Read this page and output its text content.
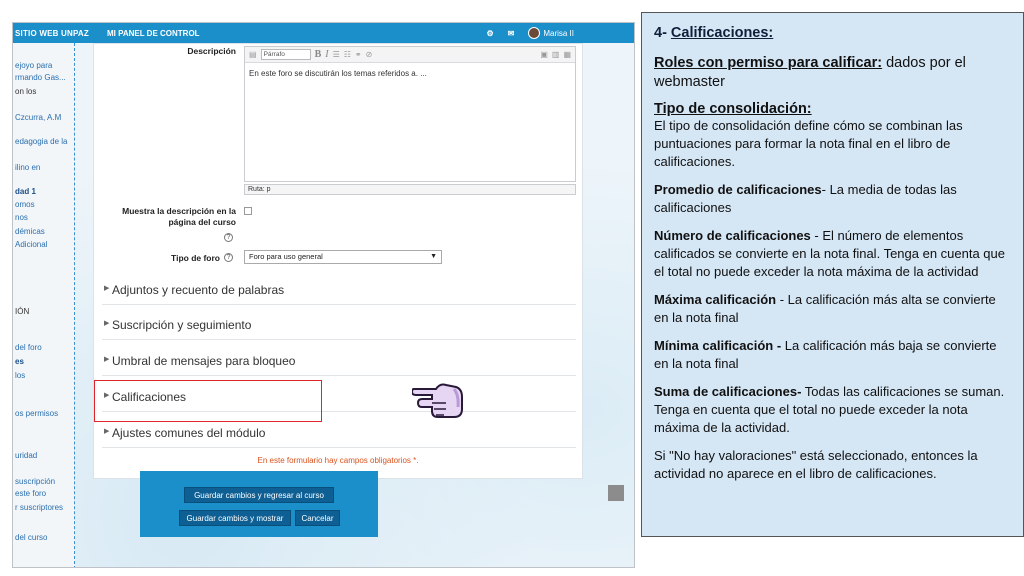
SITIO WEB UNPAZ MI PANEL DE CONTROL	⚙ ✉	Marisa II
ejoyo para
rmando Gas...
on los
Czcurra, A.M
edagogia de la
ilino en
dad 1
omos
nos
démicas
Adicional
IÓN
del foro
es
los
os permisos
uridad
suscripción
este foro
r suscriptores
del curso
Descripción ▤	Párrafo	B I ☰ ☷ ⚭ ⊘	▣ ▥ ▦
En este foro se discutirán los temas referidos a. ...
Ruta: p
Muestra la descripción en la página del curso
?
Tipo de foro ?	Foro para uso general	▼
▶ Adjuntos y recuento de palabras
▶ Suscripción y seguimiento
▶ Umbral de mensajes para bloqueo
▶ Calificaciones
▶ Ajustes comunes del módulo
En este formulario hay campos obligatorios *.
Guardar cambios y regresar al curso
Guardar cambios y mostrar	Cancelar
4- Calificaciones:
Roles con permiso para calificar: dados por el webmaster
Tipo de consolidación:
El tipo de consolidación define cómo se combinan las puntuaciones para formar la nota final en el libro de calificaciones.
Promedio de calificaciones- La media de todas las calificaciones
Número de calificaciones - El número de elementos calificados se convierte en la nota final. Tenga en cuenta que el total no puede exceder la nota máxima de la actividad
Máxima calificación - La calificación más alta se convierte en la nota final
Mínima calificación - La calificación más baja se convierte en la nota final
Suma de calificaciones- Todas las calificaciones se suman. Tenga en cuenta que el total no puede exceder la nota máxima de la actividad.
Si "No hay valoraciones" está seleccionado, entonces la actividad no aparece en el libro de calificaciones.
